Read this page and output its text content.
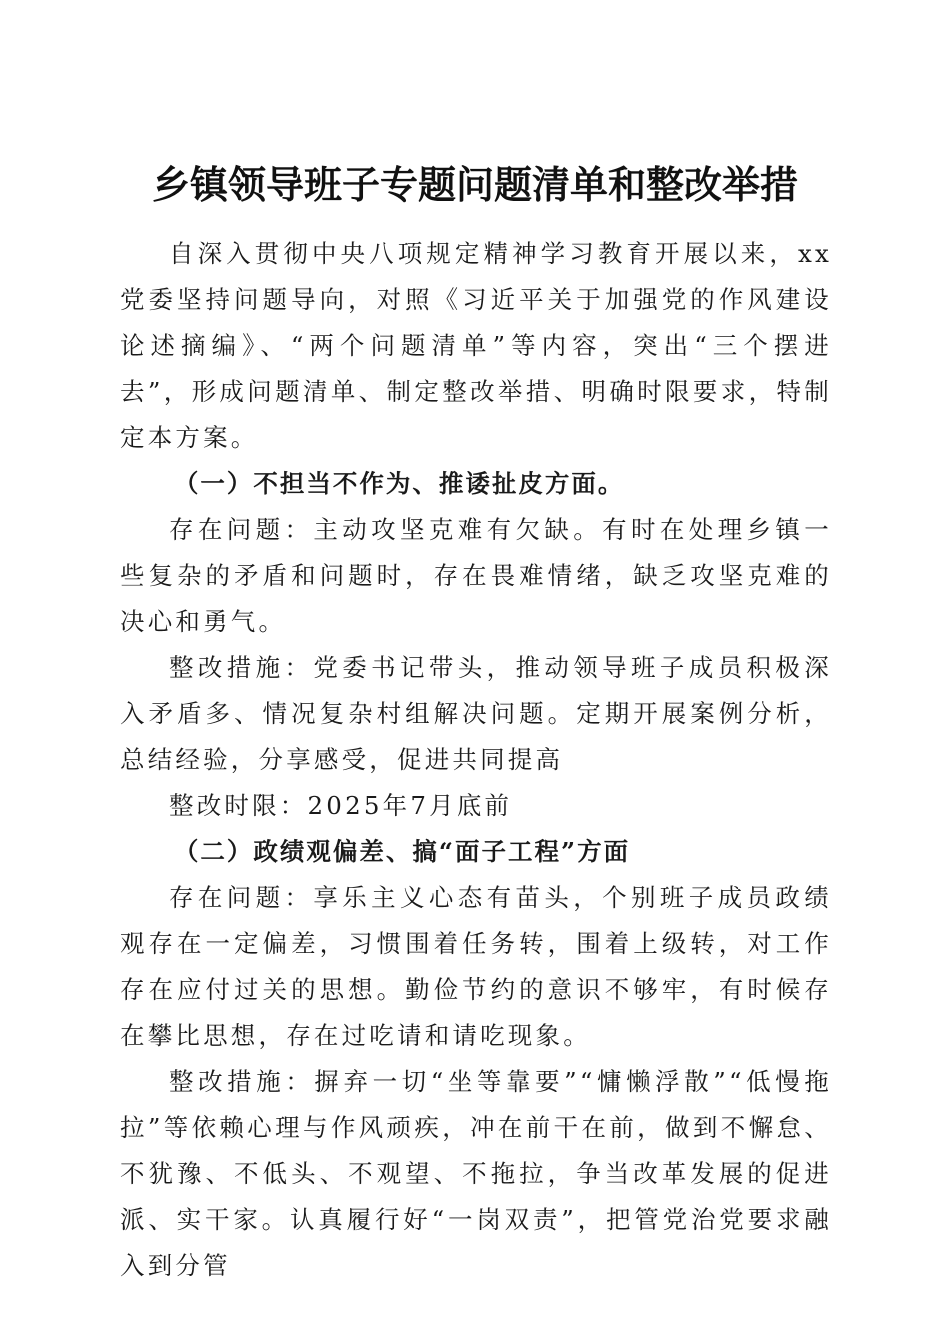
乡镇领导班子专题问题清单和整改举措

自深入贯彻中央八项规定精神学习教育开展以来，xx党委坚持问题导向，对照《习近平关于加强党的作风建设论述摘编》、“两个问题清单”等内容，突出“三个摆进去”，形成问题清单、制定整改举措、明确时限要求，特制定本方案。

（一）不担当不作为、推诿扯皮方面。

存在问题：主动攻坚克难有欠缺。有时在处理乡镇一些复杂的矛盾和问题时，存在畏难情绪，缺乏攻坚克难的决心和勇气。

整改措施：党委书记带头，推动领导班子成员积极深入矛盾多、情况复杂村组解决问题。定期开展案例分析，总结经验，分享感受，促进共同提高

整改时限：2025年7月底前

（二）政绩观偏差、搞“面子工程”方面

存在问题：享乐主义心态有苗头，个别班子成员政绩观存在一定偏差，习惯围着任务转，围着上级转，对工作存在应付过关的思想。勤俭节约的意识不够牢，有时候存在攀比思想，存在过吃请和请吃现象。

整改措施：摒弃一切“坐等靠要”“慵懒浮散”“低慢拖拉”等依赖心理与作风顽疾，冲在前干在前，做到不懈怠、不犹豫、不低头、不观望、不拖拉，争当改革发展的促进派、实干家。认真履行好“一岗双责”，把管党治党要求融入到分管
